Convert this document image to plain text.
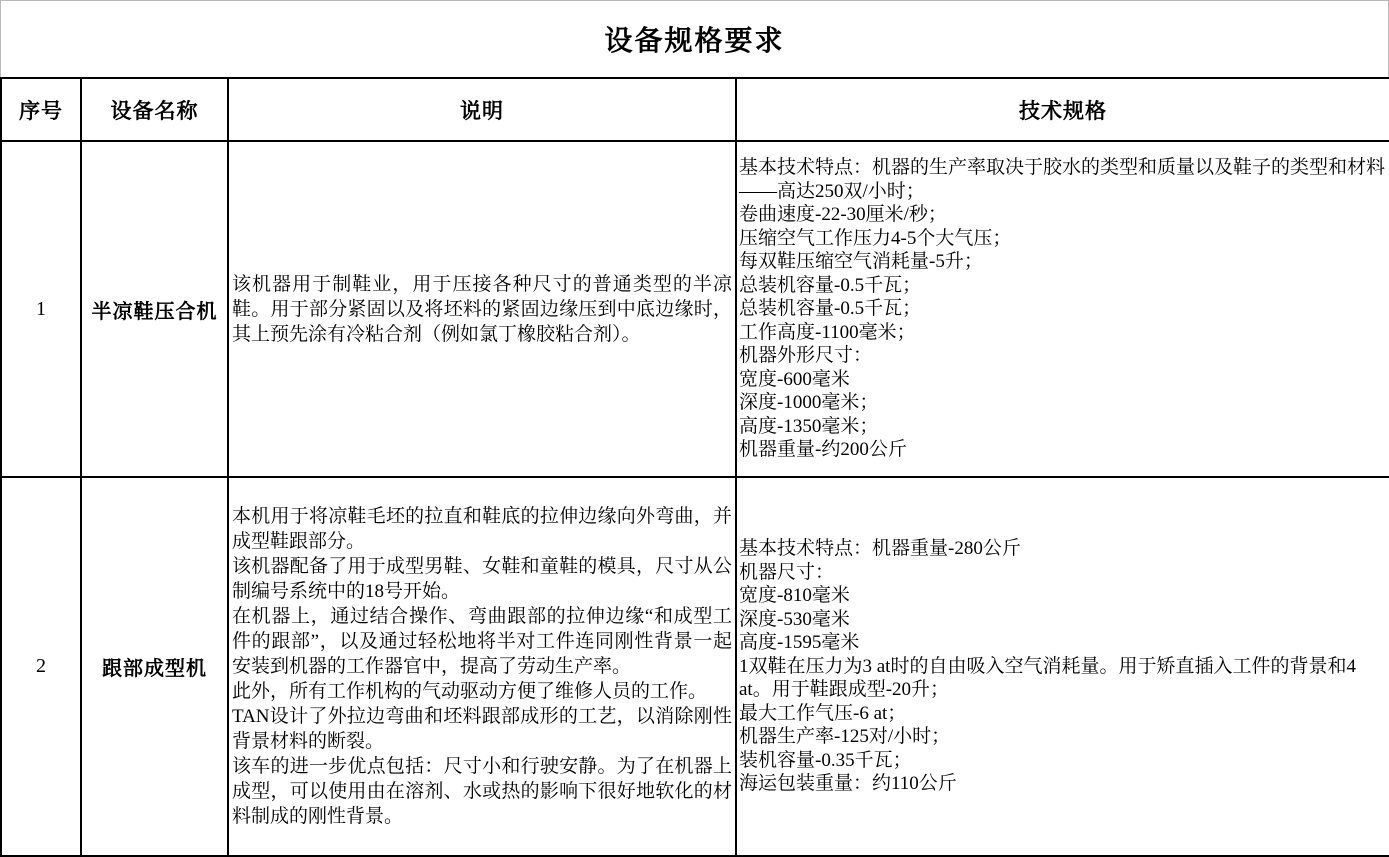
设备规格要求
序号	设备名称	说明	技术规格
1	半凉鞋压合机	该机器用于制鞋业，用于压接各种尺寸的普通类型的半凉鞋。用于部分紧固以及将坯料的紧固边缘压到中底边缘时，其上预先涂有冷粘合剂（例如氯丁橡胶粘合剂）。	基本技术特点：机器的生产率取决于胶水的类型和质量以及鞋子的类型和材料——高达250双/小时；
卷曲速度-22-30厘米/秒；
压缩空气工作压力4-5个大气压；
每双鞋压缩空气消耗量-5升；
总装机容量-0.5千瓦；
总装机容量-0.5千瓦；
工作高度-1100毫米；
机器外形尺寸：
宽度-600毫米
深度-1000毫米；
高度-1350毫米；
机器重量-约200公斤
2	跟部成型机	本机用于将凉鞋毛坯的拉直和鞋底的拉伸边缘向外弯曲，并成型鞋跟部分。
该机器配备了用于成型男鞋、女鞋和童鞋的模具，尺寸从公制编号系统中的18号开始。
在机器上，通过结合操作、弯曲跟部的拉伸边缘“和成型工件的跟部”，以及通过轻松地将半对工件连同刚性背景一起安装到机器的工作器官中，提高了劳动生产率。
此外，所有工作机构的气动驱动方便了维修人员的工作。
TAN设计了外拉边弯曲和坯料跟部成形的工艺，以消除刚性背景材料的断裂。
该车的进一步优点包括：尺寸小和行驶安静。为了在机器上成型，可以使用由在溶剂、水或热的影响下很好地软化的材料制成的刚性背景。	基本技术特点：机器重量-280公斤
机器尺寸：
宽度-810毫米
深度-530毫米
高度-1595毫米
1双鞋在压力为3 at时的自由吸入空气消耗量。用于矫直插入工件的背景和4 at。用于鞋跟成型-20升；
最大工作气压-6 at；
机器生产率-125对/小时；
装机容量-0.35千瓦；
海运包装重量：约110公斤
